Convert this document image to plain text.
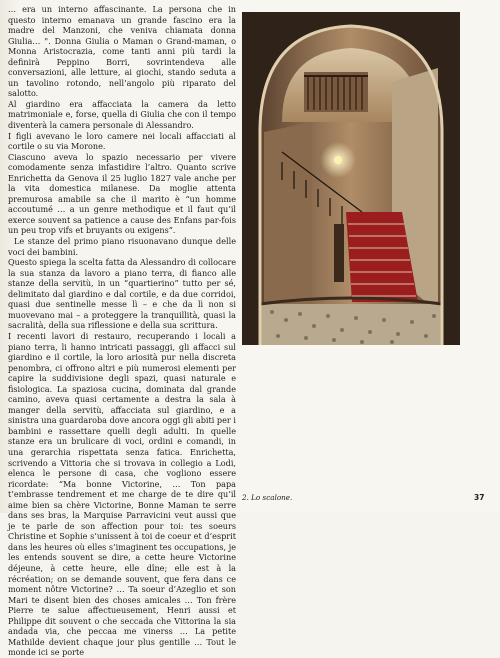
… era un interno affascinante. La persona che in questo interno emanava un grande fascino era la madre del Manzoni, che veniva chiamata donna Giulia… ". Donna Giulia o Maman o Grand-maman, o Monna Aristocrazia, come tanti anni più tardi la definirà Peppino Borri, sovrintendeva alle conversazioni, alle letture, ai giochi, stando seduta a un tavolino rotondo, nell’angolo più riparato del salotto.

Al giardino era affacciata la camera da letto matrimoniale e, forse, quella di Giulia che con il tempo diventerà la camera personale di Alessandro.

I figli avevano le loro camere nei locali affacciati al cortile o su via Morone.

Ciascuno aveva lo spazio necessario per vivere comodamente senza infastidire l’altro. Quanto scrive Enrichetta da Genova il 25 luglio 1827 vale anche per la vita domestica milanese. Da moglie attenta premurosa amabile sa che il marito è “un homme accoutumé … a un genre methodique et il faut qu’il exerce souvent sa patience a cause des Enfans par-fois un peu trop vifs et bruyants ou exigens”.

Le stanze del primo piano risuonavano dunque delle voci dei bambini.

Questo spiega la scelta fatta da Alessandro di collocare la sua stanza da lavoro a piano terra, di fianco alle stanze della servitù, in un “quartierino” tutto per sé, delimitato dal giardino e dal cortile, e da due corridoi, quasi due sentinelle messe lì – e che da lì non si muovevano mai – a proteggere la tranquillità, quasi la sacralità, della sua riflessione e della sua scrittura.

I recenti lavori di restauro, recuperando i locali a piano terra, li hanno intricati passaggi, gli affacci sul giardino e il cortile, la loro ariosità pur nella discreta penombra, ci offrono altri e più numerosi elementi per capire la suddivisione degli spazi, quasi naturale e fisiologica. La spaziosa cucina, dominata dal grande camino, aveva quasi certamente a destra la sala à manger della servitù, affacciata sul giardino, e a sinistra una guardaroba dove ancora oggi gli abiti per i bambini e rassettare quelli degli adulti. In quelle stanze era un brulicare di voci, ordini e comandi, in una gerarchia rispettata senza fatica. Enrichetta, scrivendo a Vittoria che si trovava in collegio a Lodi, elenca le persone di casa, che vogliono essere ricordate: “Ma bonne Victorine, … Ton papa t’embrasse tendrement et me charge de te dire qu’il aime bien sa chère Victorine, Bonne Maman te serre dans ses bras, la Marquise Parravicini veut aussi que je te parle de son affection pour toi: tes soeurs Christine et Sophie s’unissent à toi de coeur et d’esprit dans les heures où elles s’imaginent tes occupations, je les entends souvent se dire, a cette heure Victorine déjeune, à cette heure, elle dîne; elle est à la récréation; on se demande souvent, que fera dans ce moment nôtre Victorine? … Ta soeur d’Azeglio et son Mari te disent bien des choses amicales … Ton frère Pierre te salue affectueusement, Henri aussi et Philippe dit souvent o che seccada che Vittorina la sia andada via, che peccaa me vinerss … La petite Mathilde devient chaque jour plus gentille … Tout le monde ici se porte

2. Lo scalone.	37
